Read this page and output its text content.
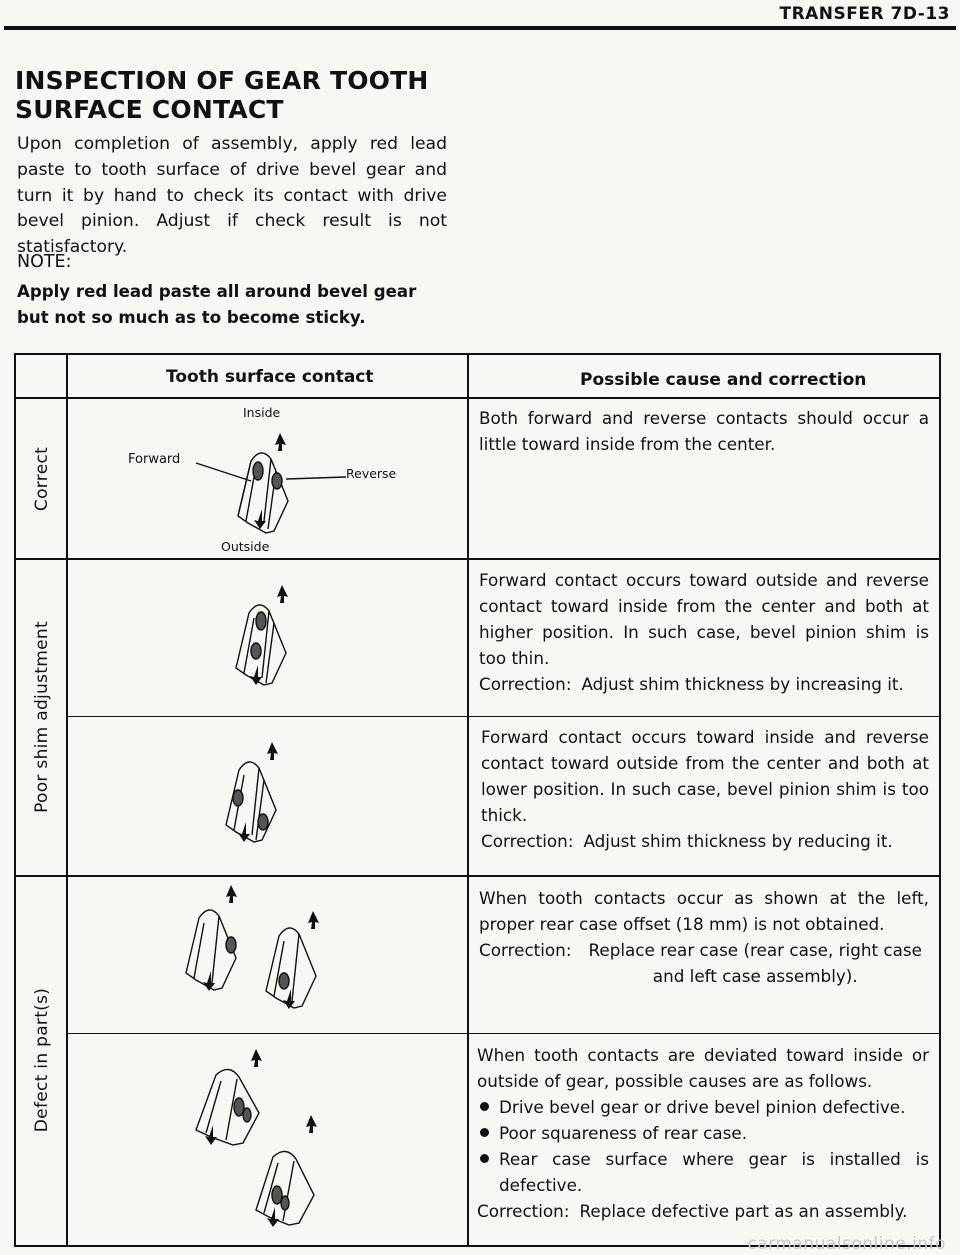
TRANSFER 7D-13
INSPECTION OF GEAR TOOTH
SURFACE CONTACT

Upon completion of assembly, apply red lead paste to tooth surface of drive bevel gear and turn it by hand to check its contact with drive bevel pinion. Adjust if check result is not statisfactory.

NOTE:

Apply red lead paste all around bevel gear but not so much as to become sticky.

Tooth surface contact	Possible cause and correction
Correct
Poor shim adjustment
Defect in part(s)
Inside
Forward
Reverse
Outside

Both forward and reverse contacts should occur a little toward inside from the center.

Forward contact occurs toward outside and reverse contact toward inside from the center and both at higher position. In such case, bevel pinion shim is too thin.

Correction: Adjust shim thickness by increasing it.

Forward contact occurs toward inside and reverse contact toward outside from the center and both at lower position. In such case, bevel pinion shim is too thick.

Correction: Adjust shim thickness by reducing it.

When tooth contacts occur as shown at the left, proper rear case offset (18 mm) is not obtained.

Correction:	Replace rear case (rear case, right case and left case assembly).

When tooth contacts are deviated toward inside or outside of gear, possible causes are as follows.

Drive bevel gear or drive bevel pinion defective.
Poor squareness of rear case.
Rear case surface where gear is installed is defective.
Correction: Replace defective part as an assembly.
carmanualsonline.info
